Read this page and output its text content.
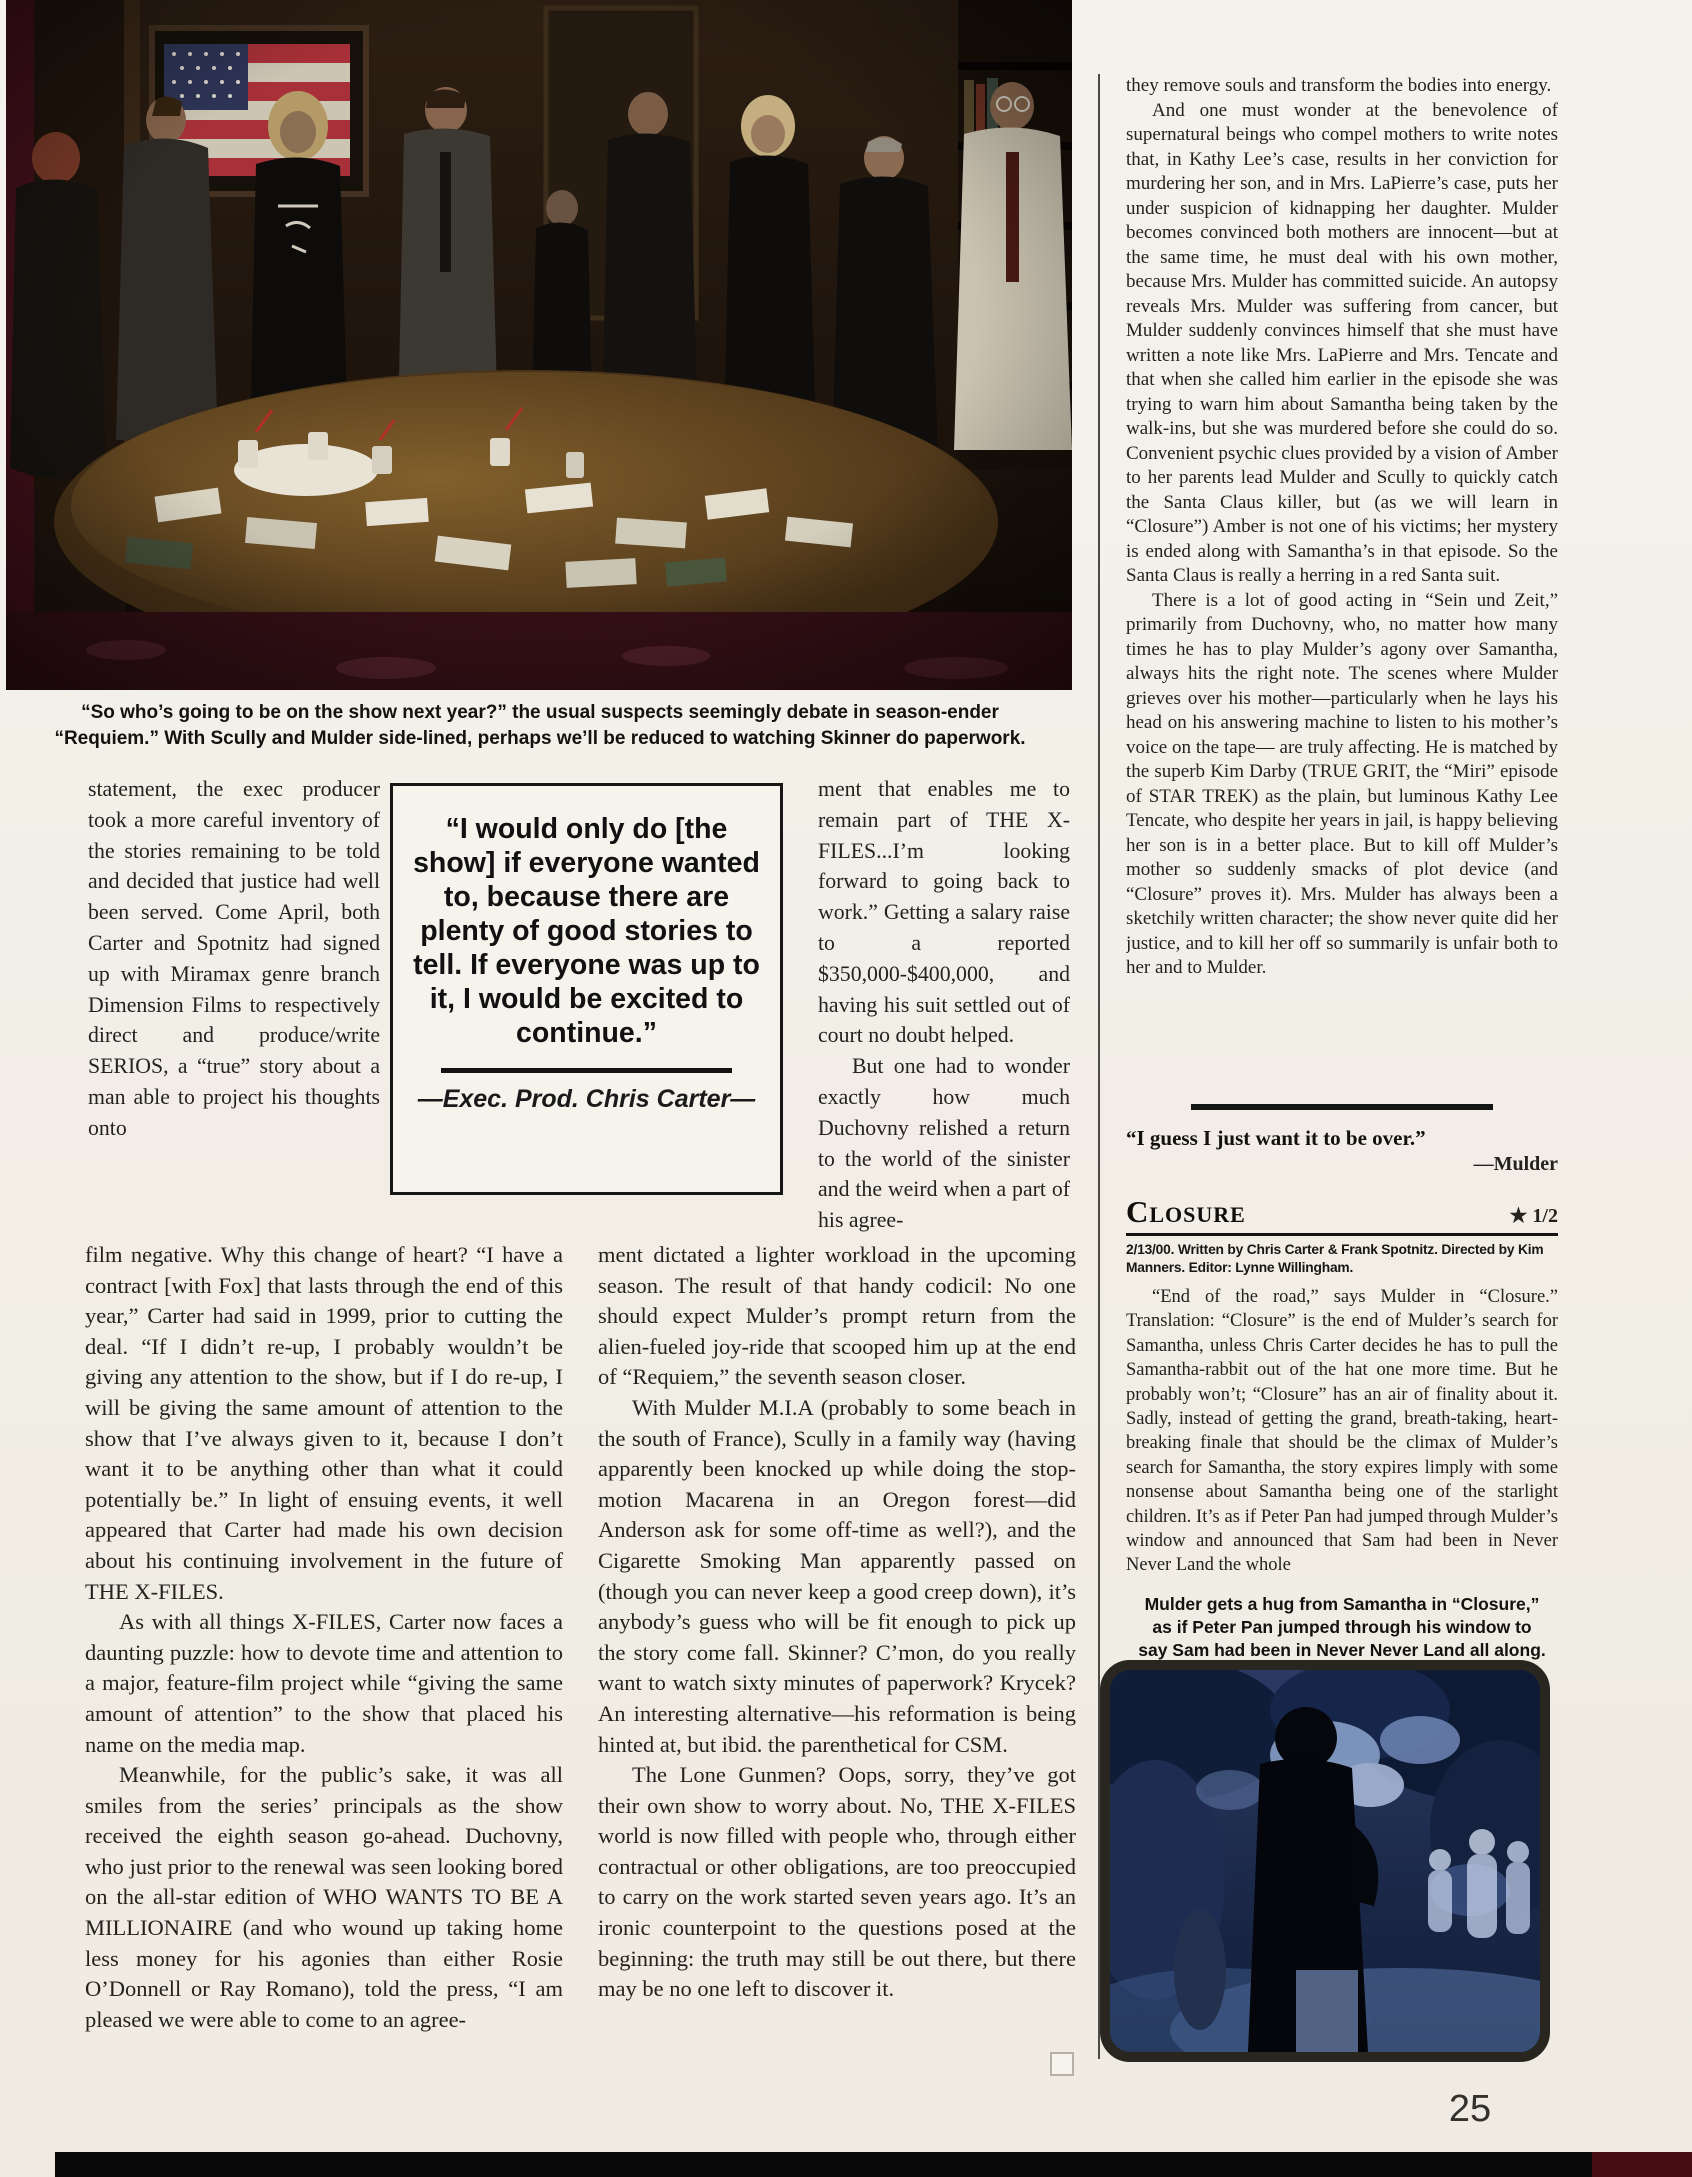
“So who’s going to be on the show next year?” the usual suspects seemingly debate in season-ender

“Requiem.” With Scully and Mulder side-lined, perhaps we’ll be reduced to watching Skinner do paperwork.

statement, the exec producer took a more careful inventory of the stories remaining to be told and decided that justice had well been served. Come April, both Carter and Spotnitz had signed up with Miramax genre branch Dimension Films to respectively direct and produce/write SERIOS, a “true” story about a man able to project his thoughts onto
“I would only do [the show] if everyone wanted to, because there are plenty of good stories to tell. If everyone was up to it, I would be excited to continue.”
—Exec. Prod. Chris Carter—

ment that enables me to remain part of THE X-FILES...I’m looking forward to going back to work.” Getting a salary raise to a reported $350,000-$400,000, and having his suit settled out of court no doubt helped.

But one had to wonder exactly how much Duchovny relished a return to the world of the sinister and the weird when a part of his agree-

film negative. Why this change of heart? “I have a contract [with Fox] that lasts through the end of this year,” Carter had said in 1999, prior to cutting the deal. “If I didn’t re-up, I probably wouldn’t be giving any attention to the show, but if I do re-up, I will be giving the same amount of attention to the show that I’ve always given to it, because I don’t want it to be anything other than what it could potentially be.” In light of ensuing events, it well appeared that Carter had made his own decision about his continuing involvement in the future of THE X-FILES.

As with all things X-FILES, Carter now faces a daunting puzzle: how to devote time and attention to a major, feature-film project while “giving the same amount of attention” to the show that placed his name on the media map.

Meanwhile, for the public’s sake, it was all smiles from the series’ principals as the show received the eighth season go-ahead. Duchovny, who just prior to the renewal was seen looking bored on the all-star edition of WHO WANTS TO BE A MILLIONAIRE (and who wound up taking home less money for his agonies than either Rosie O’Donnell or Ray Romano), told the press, “I am pleased we were able to come to an agree-

ment dictated a lighter workload in the upcoming season. The result of that handy codicil: No one should expect Mulder’s prompt return from the alien-fueled joy-ride that scooped him up at the end of “Requiem,” the seventh season closer.

With Mulder M.I.A (probably to some beach in the south of France), Scully in a family way (having apparently been knocked up while doing the stop-motion Macarena in an Oregon forest—did Anderson ask for some off-time as well?), and the Cigarette Smoking Man apparently passed on (though you can never keep a good creep down), it’s anybody’s guess who will be fit enough to pick up the story come fall. Skinner? C’mon, do you really want to watch sixty minutes of paperwork? Krycek? An interesting alternative—his reformation is being hinted at, but ibid. the parenthetical for CSM.

The Lone Gunmen? Oops, sorry, they’ve got their own show to worry about. No, THE X-FILES world is now filled with people who, through either contractual or other obligations, are too preoccupied to carry on the work started seven years ago. It’s an ironic counterpoint to the questions posed at the beginning: the truth may still be out there, but there may be no one left to discover it.

they remove souls and transform the bodies into energy.

And one must wonder at the benevolence of supernatural beings who compel mothers to write notes that, in Kathy Lee’s case, results in her conviction for murdering her son, and in Mrs. LaPierre’s case, puts her under suspicion of kidnapping her daughter. Mulder becomes convinced both mothers are innocent—but at the same time, he must deal with his own mother, because Mrs. Mulder has committed suicide. An autopsy reveals Mrs. Mulder was suffering from cancer, but Mulder suddenly convinces himself that she must have written a note like Mrs. LaPierre and Mrs. Tencate and that when she called him earlier in the episode she was trying to warn him about Samantha being taken by the walk-ins, but she was murdered before she could do so. Convenient psychic clues provided by a vision of Amber to her parents lead Mulder and Scully to quickly catch the Santa Claus killer, but (as we will learn in “Closure”) Amber is not one of his victims; her mystery is ended along with Samantha’s in that episode. So the Santa Claus is really a herring in a red Santa suit.

There is a lot of good acting in “Sein und Zeit,” primarily from Duchovny, who, no matter how many times he has to play Mulder’s agony over Samantha, always hits the right note. The scenes where Mulder grieves over his mother—particularly when he lays his head on his answering machine to listen to his mother’s voice on the tape— are truly affecting. He is matched by the superb Kim Darby (TRUE GRIT, the “Miri” episode of STAR TREK) as the plain, but luminous Kathy Lee Tencate, who despite her years in jail, is happy believing her son is in a better place. But to kill off Mulder’s mother so suddenly smacks of plot device (and “Closure” proves it). Mrs. Mulder has always been a sketchily written character; the show never quite did her justice, and to kill her off so summarily is unfair both to her and to Mulder.

“I guess I just want it to be over.”
—Mulder
Closure	★ 1/2
2/13/00. Written by Chris Carter & Frank Spotnitz. Directed by Kim Manners. Editor: Lynne Willingham.

“End of the road,” says Mulder in “Closure.” Translation: “Closure” is the end of Mulder’s search for Samantha, unless Chris Carter decides he has to pull the Samantha-rabbit out of the hat one more time. But he probably won’t; “Closure” has an air of finality about it. Sadly, instead of getting the grand, breath-taking, heart-breaking finale that should be the climax of Mulder’s search for Samantha, the story expires limply with some nonsense about Samantha being one of the starlight children. It’s as if Peter Pan had jumped through Mulder’s window and announced that Sam had been in Never Never Land the whole

Mulder gets a hug from Samantha in “Closure,”

as if Peter Pan jumped through his window to

say Sam had been in Never Never Land all along.

25
